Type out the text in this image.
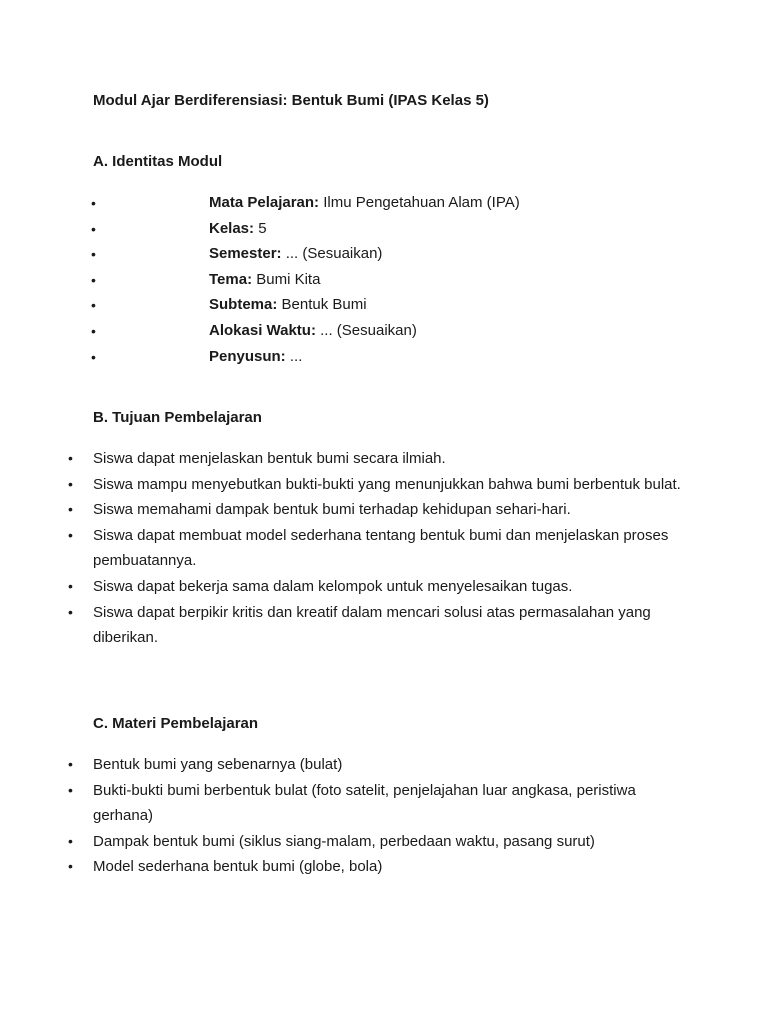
Modul Ajar Berdiferensiasi: Bentuk Bumi (IPAS Kelas 5)
A. Identitas Modul
•	Mata Pelajaran: Ilmu Pengetahuan Alam (IPA)
•	Kelas: 5
•	Semester: ... (Sesuaikan)
•	Tema: Bumi Kita
•	Subtema: Bentuk Bumi
•	Alokasi Waktu: ... (Sesuaikan)
•	Penyusun: ...
B. Tujuan Pembelajaran
• Siswa dapat menjelaskan bentuk bumi secara ilmiah.
• Siswa mampu menyebutkan bukti-bukti yang menunjukkan bahwa bumi berbentuk bulat.
• Siswa memahami dampak bentuk bumi terhadap kehidupan sehari-hari.
• Siswa dapat membuat model sederhana tentang bentuk bumi dan menjelaskan proses pembuatannya.
• Siswa dapat bekerja sama dalam kelompok untuk menyelesaikan tugas.
• Siswa dapat berpikir kritis dan kreatif dalam mencari solusi atas permasalahan yang diberikan.
C. Materi Pembelajaran
• Bentuk bumi yang sebenarnya (bulat)
• Bukti-bukti bumi berbentuk bulat (foto satelit, penjelajahan luar angkasa, peristiwa gerhana)
• Dampak bentuk bumi (siklus siang-malam, perbedaan waktu, pasang surut)
• Model sederhana bentuk bumi (globe, bola)
